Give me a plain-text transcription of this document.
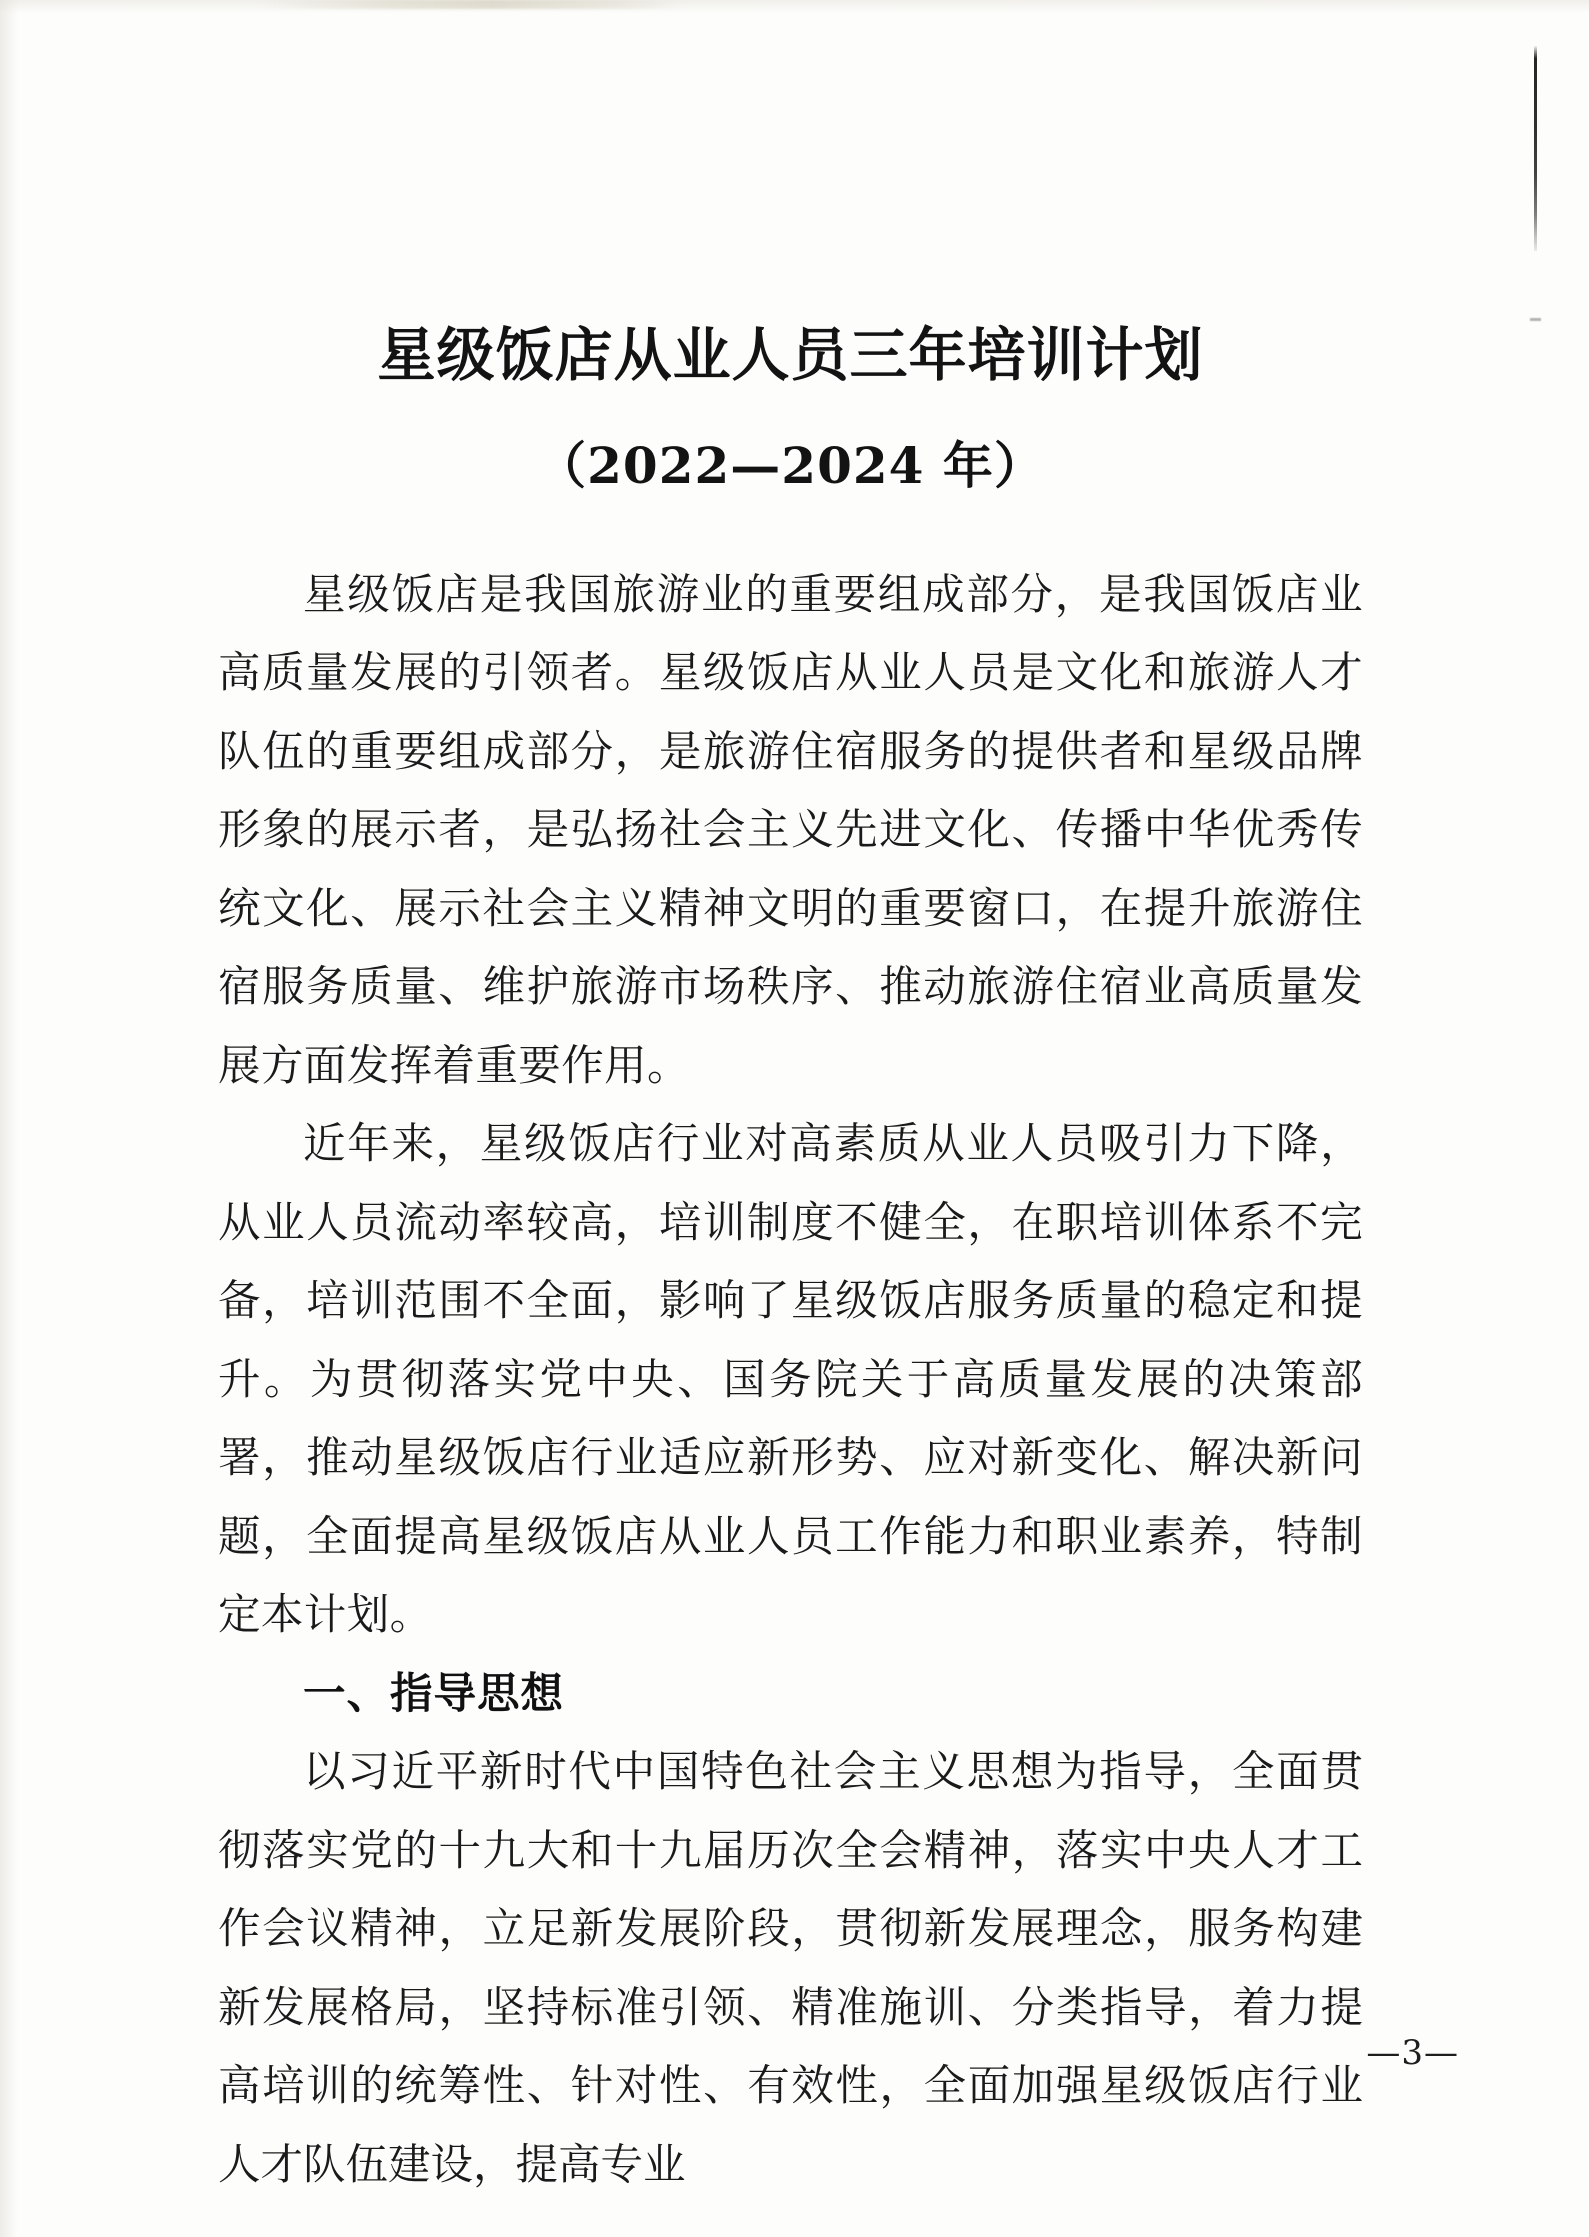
星级饭店从业人员三年培训计划
（2022—2024 年）

星级饭店是我国旅游业的重要组成部分，是我国饭店业高质量发展的引领者。星级饭店从业人员是文化和旅游人才队伍的重要组成部分，是旅游住宿服务的提供者和星级品牌形象的展示者，是弘扬社会主义先进文化、传播中华优秀传统文化、展示社会主义精神文明的重要窗口，在提升旅游住宿服务质量、维护旅游市场秩序、推动旅游住宿业高质量发展方面发挥着重要作用。

近年来，星级饭店行业对高素质从业人员吸引力下降，从业人员流动率较高，培训制度不健全，在职培训体系不完备，培训范围不全面，影响了星级饭店服务质量的稳定和提升。为贯彻落实党中央、国务院关于高质量发展的决策部署，推动星级饭店行业适应新形势、应对新变化、解决新问题，全面提高星级饭店从业人员工作能力和职业素养，特制定本计划。

一、指导思想

以习近平新时代中国特色社会主义思想为指导，全面贯彻落实党的十九大和十九届历次全会精神，落实中央人才工作会议精神，立足新发展阶段，贯彻新发展理念，服务构建新发展格局，坚持标准引领、精准施训、分类指导，着力提高培训的统筹性、针对性、有效性，全面加强星级饭店行业人才队伍建设，提高专业

—3—
